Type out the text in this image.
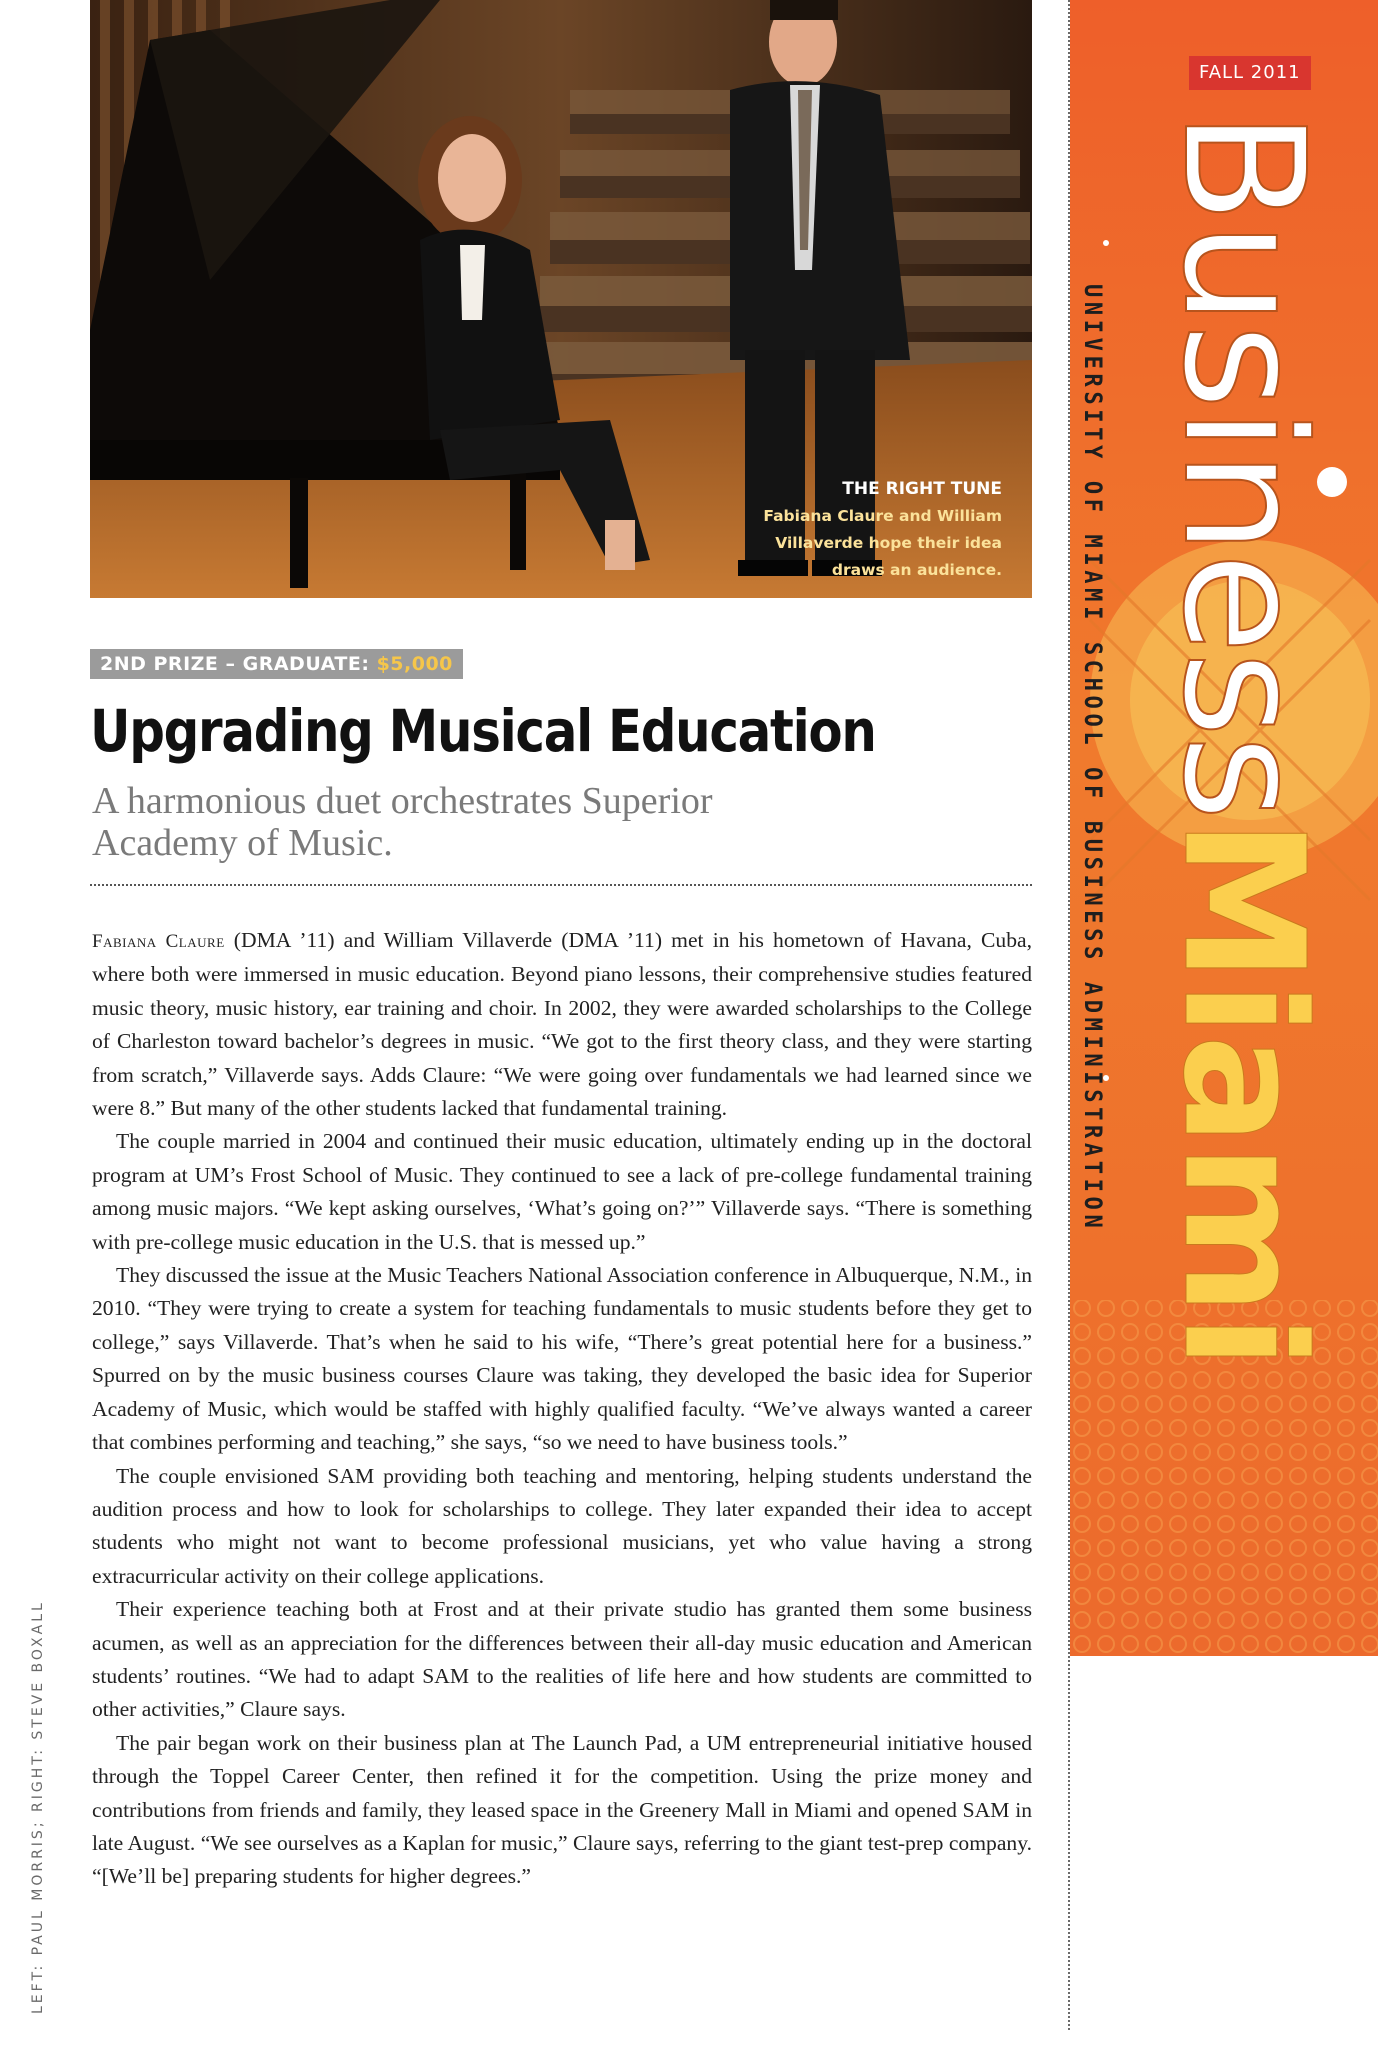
THE RIGHT TUNE
Fabiana Claure and William Villaverde hope their idea draws an audience.
2ND PRIZE – GRADUATE: $5,000
Upgrading Musical Education
A harmonious duet orchestrates Superior Academy of Music.

Fabiana Claure (DMA ’11) and William Villaverde (DMA ’11) met in his hometown of Havana, Cuba, where both were immersed in music education. Beyond piano lessons, their comprehensive studies featured music theory, music history, ear training and choir. In 2002, they were awarded scholarships to the College of Charleston toward bachelor’s degrees in music. “We got to the first theory class, and they were starting from scratch,” Villaverde says. Adds Claure: “We were going over fundamentals we had learned since we were 8.” But many of the other students lacked that fundamental training.

The couple married in 2004 and continued their music education, ultimately ending up in the doctoral program at UM’s Frost School of Music. They continued to see a lack of pre-college fundamental training among music majors. “We kept asking ourselves, ‘What’s going on?’” Villaverde says. “There is something with pre-college music education in the U.S. that is messed up.”

They discussed the issue at the Music Teachers National Association conference in Albuquerque, N.M., in 2010. “They were trying to create a system for teaching fundamentals to music students before they get to college,” says Villaverde. That’s when he said to his wife, “There’s great potential here for a business.” Spurred on by the music business courses Claure was taking, they developed the basic idea for Superior Academy of Music, which would be staffed with highly qualified faculty. “We’ve always wanted a career that combines performing and teaching,” she says, “so we need to have business tools.”

The couple envisioned SAM providing both teaching and mentoring, helping students understand the audition process and how to look for scholarships to college. They later expanded their idea to accept students who might not want to become professional musicians, yet who value having a strong extracurricular activity on their college applications.

Their experience teaching both at Frost and at their private studio has granted them some business acumen, as well as an appreciation for the differences between their all-day music education and American students’ routines. “We had to adapt SAM to the realities of life here and how students are committed to other activities,” Claure says.

The pair began work on their business plan at The Launch Pad, a UM entrepreneurial initiative housed through the Toppel Career Center, then refined it for the competition. Using the prize money and contributions from friends and family, they leased space in the Greenery Mall in Miami and opened SAM in late August. “We see ourselves as a Kaplan for music,” Claure says, referring to the giant test-prep company. “[We’ll be] preparing students for higher degrees.”

LEFT: PAUL MORRIS; RIGHT: STEVE BOXALL
FALL 2011
UNIVERSITY OF MIAMI SCHOOL OF BUSINESS ADMINISTRATION BusinessMiami
